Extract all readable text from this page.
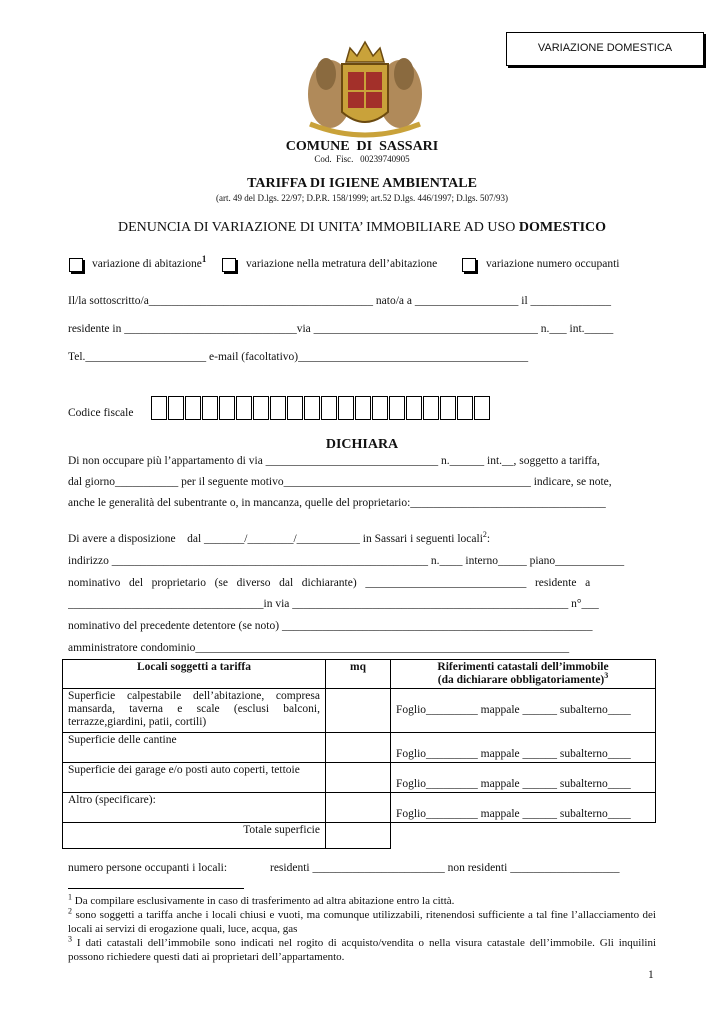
VARIAZIONE DOMESTICA
COMUNE  DI  SASSARI
Cod.  Fisc.   00239740905
TARIFFA DI IGIENE AMBIENTALE
(art. 49 del D.lgs. 22/97; D.P.R. 158/1999; art.52 D.lgs. 446/1997; D.lgs. 507/93)
DENUNCIA DI VARIAZIONE DI UNITA’ IMMOBILIARE AD USO DOMESTICO
variazione di abitazione$^1$	variazione nella metratura dell’abitazione	variazione numero occupanti
Il/la sottoscritto/a_______________________________________ nato/a a __________________ il ______________
residente in ______________________________via _______________________________________ n.___ int._____
Tel._____________________ e-mail (facoltativo)________________________________________
Codice fiscale
DICHIARA
Di non occupare più l’appartamento di via ______________________________ n.______ int.__, soggetto a tariffa,
dal giorno___________ per il seguente motivo___________________________________________ indicare, se note,
anche le generalità del subentrante o, in mancanza, quelle del proprietario:__________________________________
Di avere a disposizione    dal _______/________/___________ in Sassari i seguenti locali$^2$:
indirizzo _______________________________________________________ n.____ interno_____ piano____________
nominativo   del   proprietario   (se   diverso   dal   dichiarante)   ____________________________   residente   a
__________________________________in via ________________________________________________ n°___
nominativo del precedente detentore (se noto) ______________________________________________________
amministratore condominio_________________________________________________________________
Locali soggetti a tariffa	mq	Riferimenti catastali dell’immobile
(da dichiarare obbligatoriamente)$^3$
Superficie calpestabile dell’abitazione, compresa mansarda, taverna e scale (esclusi balconi, terrazze,giardini, patii, cortili)		Foglio_________ mappale ______ subalterno____
Superficie delle cantine		Foglio_________ mappale ______ subalterno____
Superficie dei garage e/o posti auto coperti, tettoie		Foglio_________ mappale ______ subalterno____
Altro (specificare):		Foglio_________ mappale ______ subalterno____
Totale superficie		
numero persone occupanti i locali:	residenti _______________________ non residenti ___________________
$^1$ Da compilare esclusivamente in caso di trasferimento ad altra abitazione entro la città.
$^2$ sono soggetti a tariffa anche i locali chiusi e vuoti, ma comunque utilizzabili, ritenendosi sufficiente a tal fine l’allacciamento dei locali ai servizi di erogazione quali, luce, acqua, gas
$^3$ I dati catastali dell’immobile sono indicati nel rogito di acquisto/vendita o nella visura catastale dell’immobile. Gli inquilini possono richiedere questi dati ai proprietari dell’appartamento.
1
